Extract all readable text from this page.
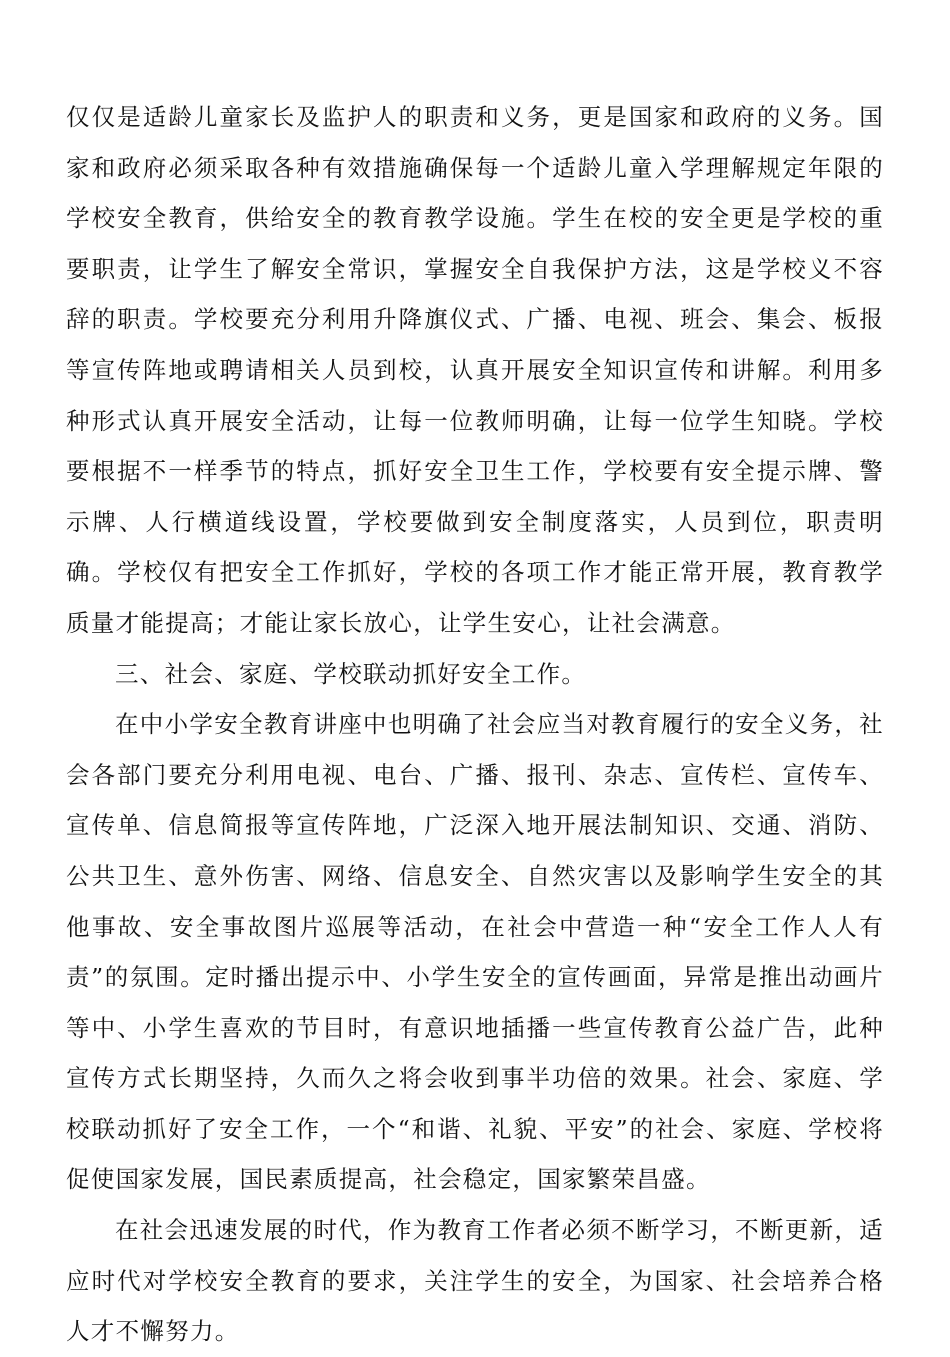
仅仅是适龄儿童家长及监护人的职责和义务，更是国家和政府的义务。国家和政府必须采取各种有效措施确保每一个适龄儿童入学理解规定年限的学校安全教育，供给安全的教育教学设施。学生在校的安全更是学校的重要职责，让学生了解安全常识，掌握安全自我保护方法，这是学校义不容辞的职责。学校要充分利用升降旗仪式、广播、电视、班会、集会、板报等宣传阵地或聘请相关人员到校，认真开展安全知识宣传和讲解。利用多种形式认真开展安全活动，让每一位教师明确，让每一位学生知晓。学校要根据不一样季节的特点，抓好安全卫生工作，学校要有安全提示牌、警示牌、人行横道线设置，学校要做到安全制度落实，人员到位，职责明确。学校仅有把安全工作抓好，学校的各项工作才能正常开展，教育教学质量才能提高；才能让家长放心，让学生安心，让社会满意。

三、社会、家庭、学校联动抓好安全工作。

在中小学安全教育讲座中也明确了社会应当对教育履行的安全义务，社会各部门要充分利用电视、电台、广播、报刊、杂志、宣传栏、宣传车、宣传单、信息简报等宣传阵地，广泛深入地开展法制知识、交通、消防、公共卫生、意外伤害、网络、信息安全、自然灾害以及影响学生安全的其他事故、安全事故图片巡展等活动，在社会中营造一种“安全工作人人有责”的氛围。定时播出提示中、小学生安全的宣传画面，异常是推出动画片等中、小学生喜欢的节目时，有意识地插播一些宣传教育公益广告，此种宣传方式长期坚持，久而久之将会收到事半功倍的效果。社会、家庭、学校联动抓好了安全工作，一个“和谐、礼貌、平安”的社会、家庭、学校将促使国家发展，国民素质提高，社会稳定，国家繁荣昌盛。

在社会迅速发展的时代，作为教育工作者必须不断学习，不断更新，适应时代对学校安全教育的要求，关注学生的安全，为国家、社会培养合格人才不懈努力。
